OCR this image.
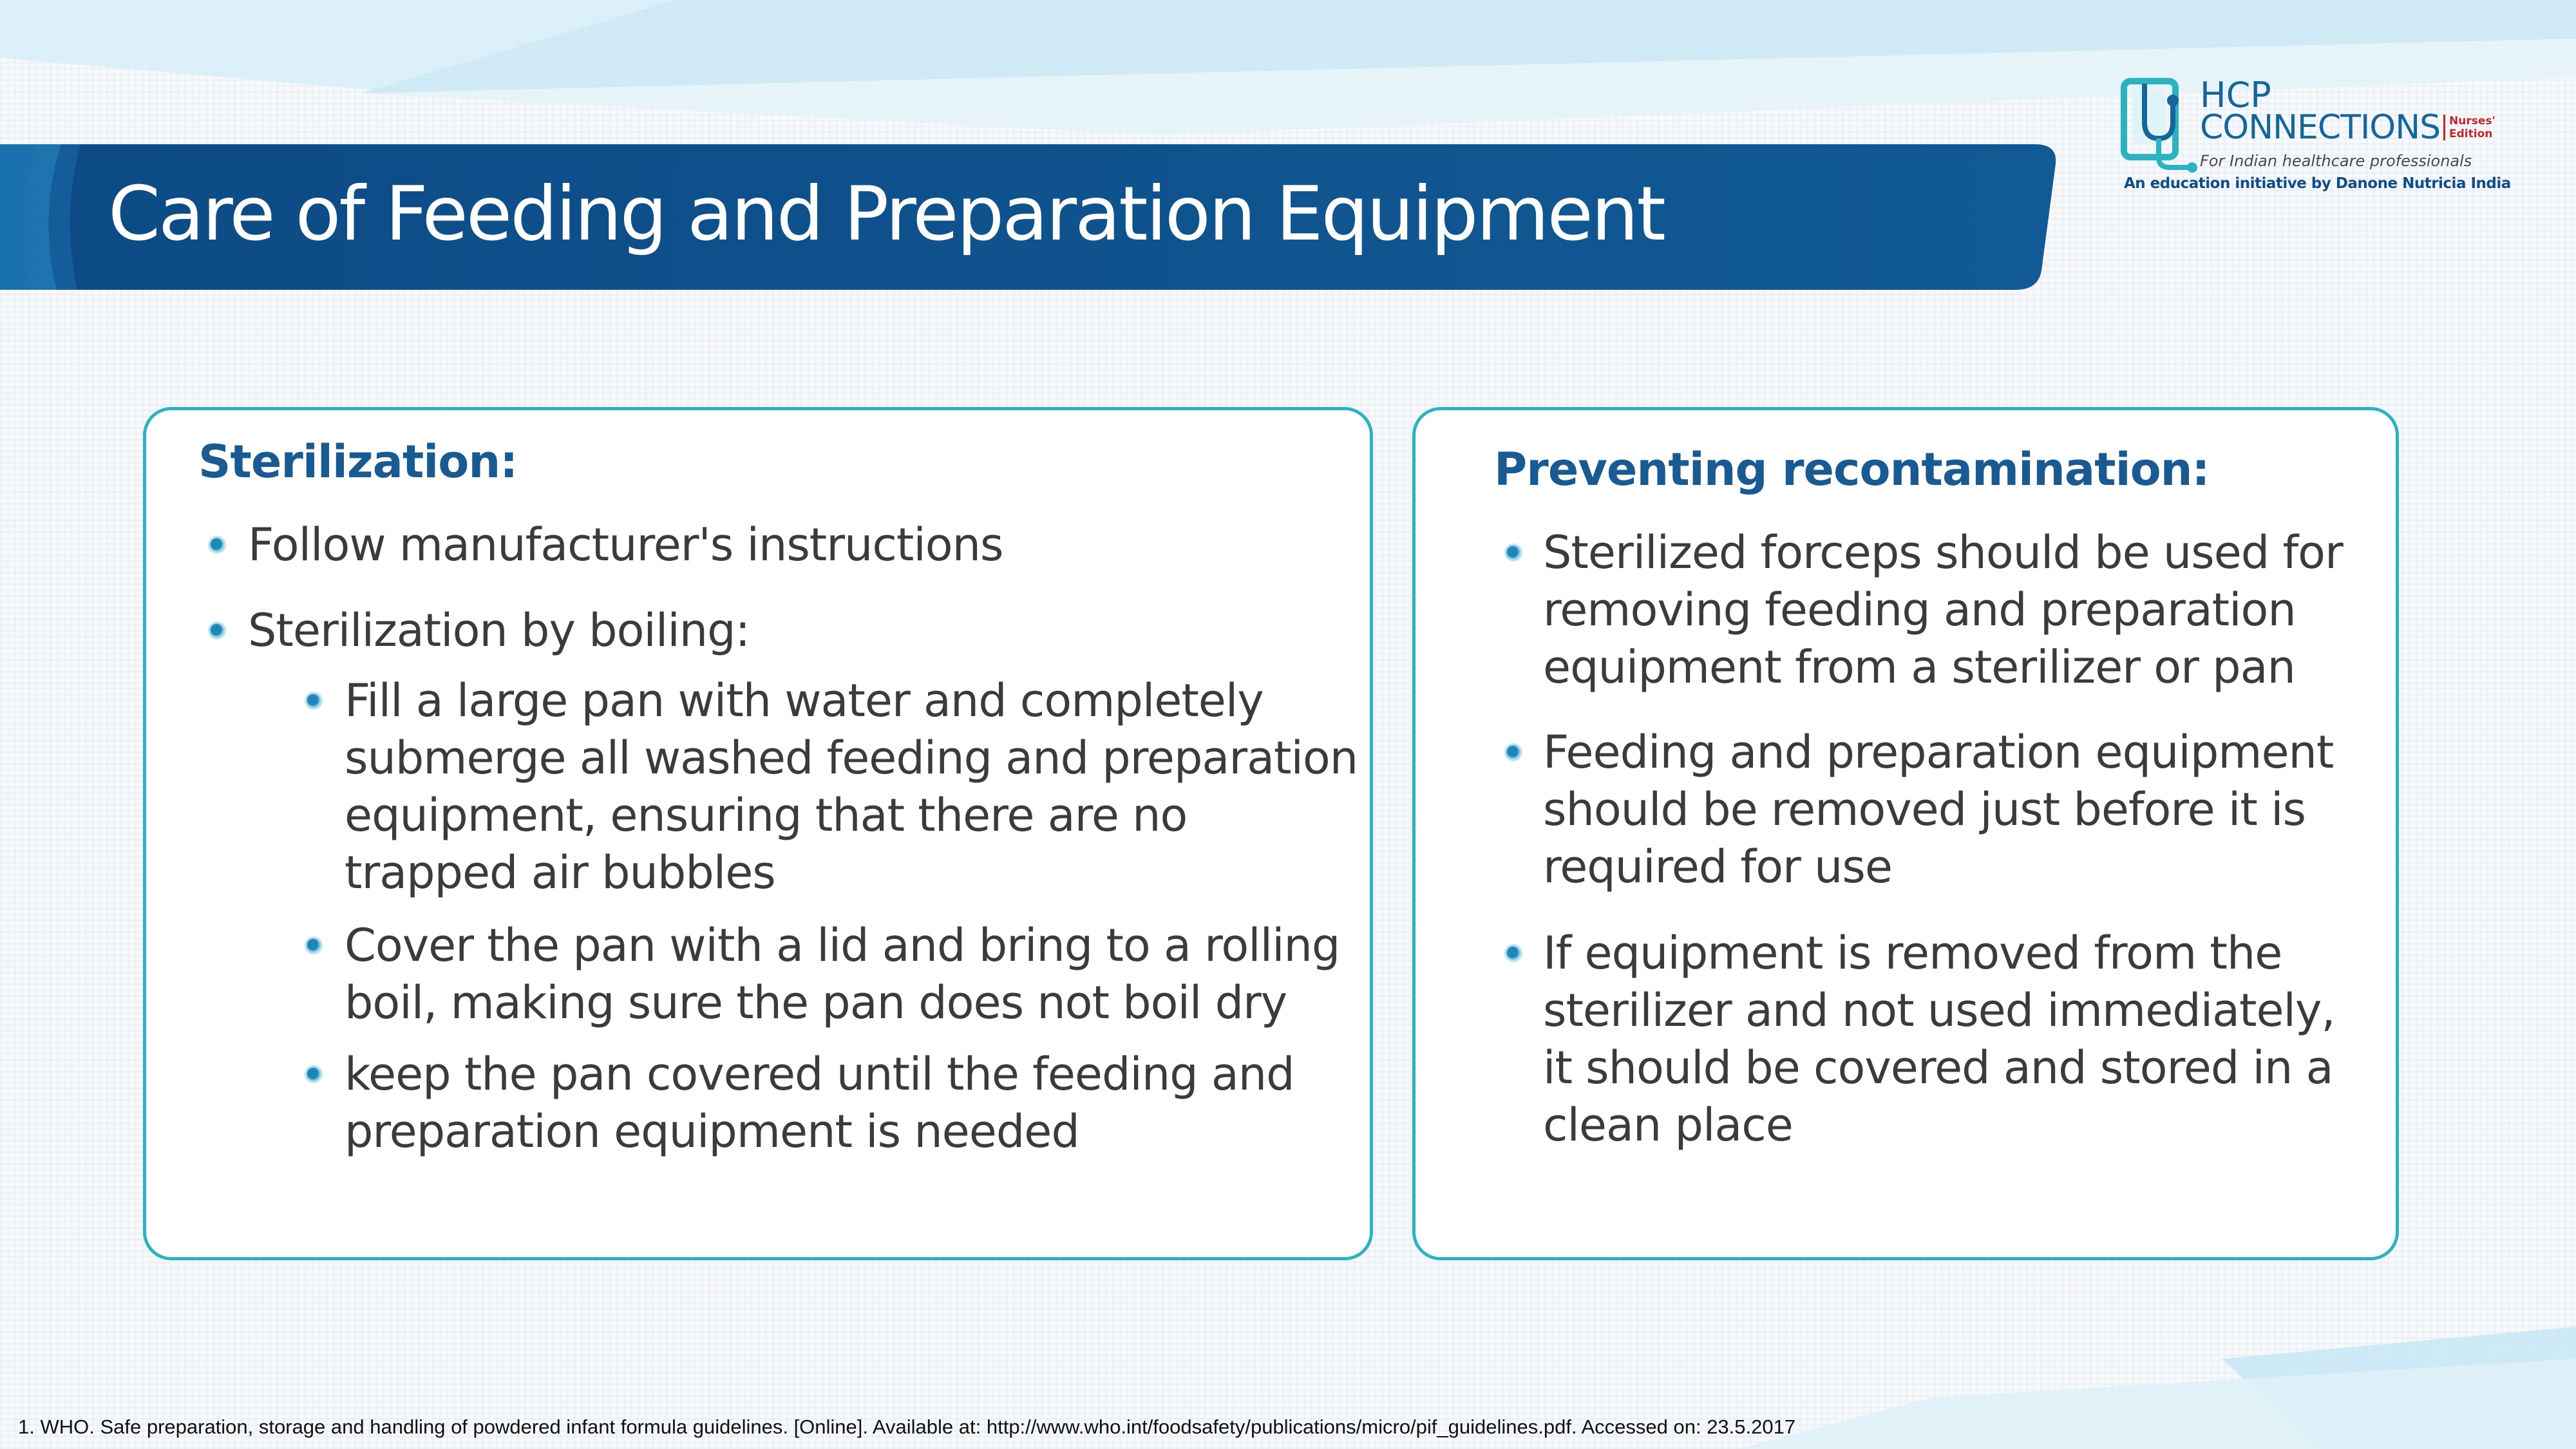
Care of Feeding and Preparation Equipment
HCP
CONNECTIONS Nurses'
Edition
For Indian healthcare professionals
An education initiative by Danone Nutricia India
Sterilization:
Follow manufacturer's instructions
Sterilization by boiling:
Fill a large pan with water and completely
submerge all washed feeding and preparation
equipment, ensuring that there are no
trapped air bubbles
Cover the pan with a lid and bring to a rolling
boil, making sure the pan does not boil dry
keep the pan covered until the feeding and
preparation equipment is needed
Preventing recontamination:
Sterilized forceps should be used for
removing feeding and preparation
equipment from a sterilizer or pan
Feeding and preparation equipment
should be removed just before it is
required for use
If equipment is removed from the
sterilizer and not used immediately,
it should be covered and stored in a
clean place
1. WHO. Safe preparation, storage and handling of powdered infant formula guidelines. [Online]. Available at: http://www.who.int/foodsafety/publications/micro/pif_guidelines.pdf. Accessed on: 23.5.2017
